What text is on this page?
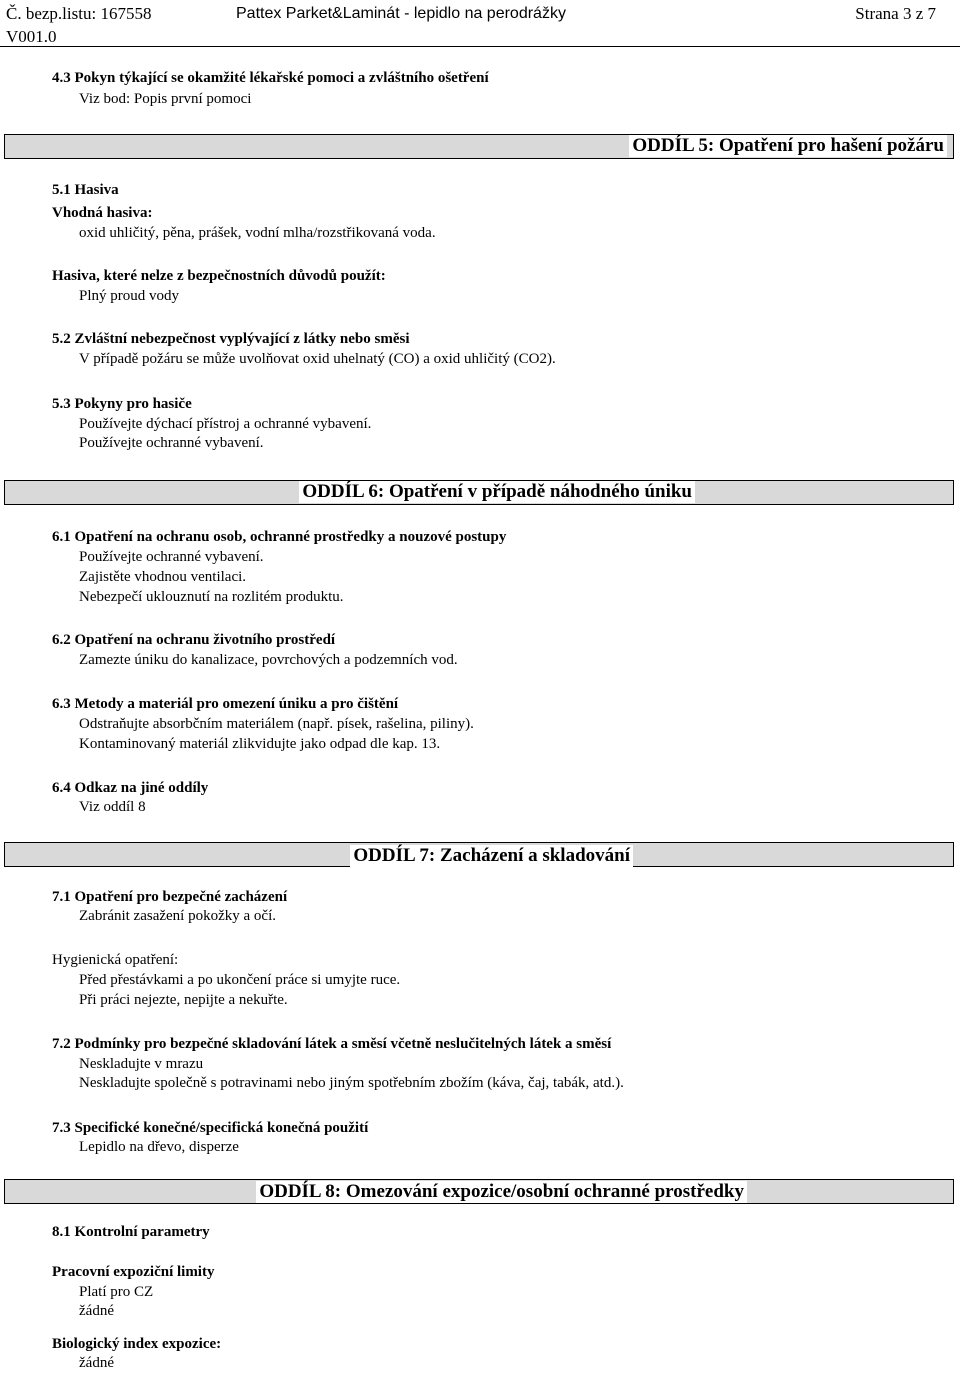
Č. bezp.listu: 167558
V001.0
Pattex Parket&Laminát - lepidlo na perodrážky	Strana 3 z 7
4.3 Pokyn týkající se okamžité lékařské pomoci a zvláštního ošetření
Viz bod: Popis první pomoci
ODDÍL 5: Opatření pro hašení požáru
5.1 Hasiva
Vhodná hasiva:
oxid uhličitý, pěna, prášek, vodní mlha/rozstřikovaná voda.
Hasiva, které nelze z bezpečnostních důvodů použít:
Plný proud vody
5.2 Zvláštní nebezpečnost vyplývající z látky nebo směsi
V případě požáru se může uvolňovat oxid uhelnatý (CO) a oxid uhličitý (CO2).
5.3 Pokyny pro hasiče
Používejte dýchací přístroj a ochranné vybavení.
Používejte ochranné vybavení.
ODDÍL 6: Opatření v případě náhodného úniku
6.1 Opatření na ochranu osob, ochranné prostředky a nouzové postupy
Používejte ochranné vybavení.
Zajistěte vhodnou ventilaci.
Nebezpečí uklouznutí na rozlitém produktu.
6.2 Opatření na ochranu životního prostředí
Zamezte úniku do kanalizace, povrchových a podzemních vod.
6.3 Metody a materiál pro omezení úniku a pro čištění
Odstraňujte absorbčním materiálem (např. písek, rašelina, piliny).
Kontaminovaný materiál zlikvidujte jako odpad dle kap. 13.
6.4 Odkaz na jiné oddíly
Viz oddíl 8
ODDÍL 7: Zacházení a skladování
7.1 Opatření pro bezpečné zacházení
Zabránit zasažení pokožky a očí.
Hygienická opatření:
Před přestávkami a po ukončení práce si umyjte ruce.
Při práci nejezte, nepijte a nekuřte.
7.2 Podmínky pro bezpečné skladování látek a směsí včetně neslučitelných látek a směsí
Neskladujte v mrazu
Neskladujte společně s potravinami nebo jiným spotřebním zbožím (káva, čaj, tabák, atd.).
7.3 Specifické konečné/specifická konečná použití
Lepidlo na dřevo, disperze
ODDÍL 8: Omezování expozice/osobní ochranné prostředky
8.1 Kontrolní parametry
Pracovní expoziční limity
Platí pro CZ
žádné
Biologický index expozice:
žádné
